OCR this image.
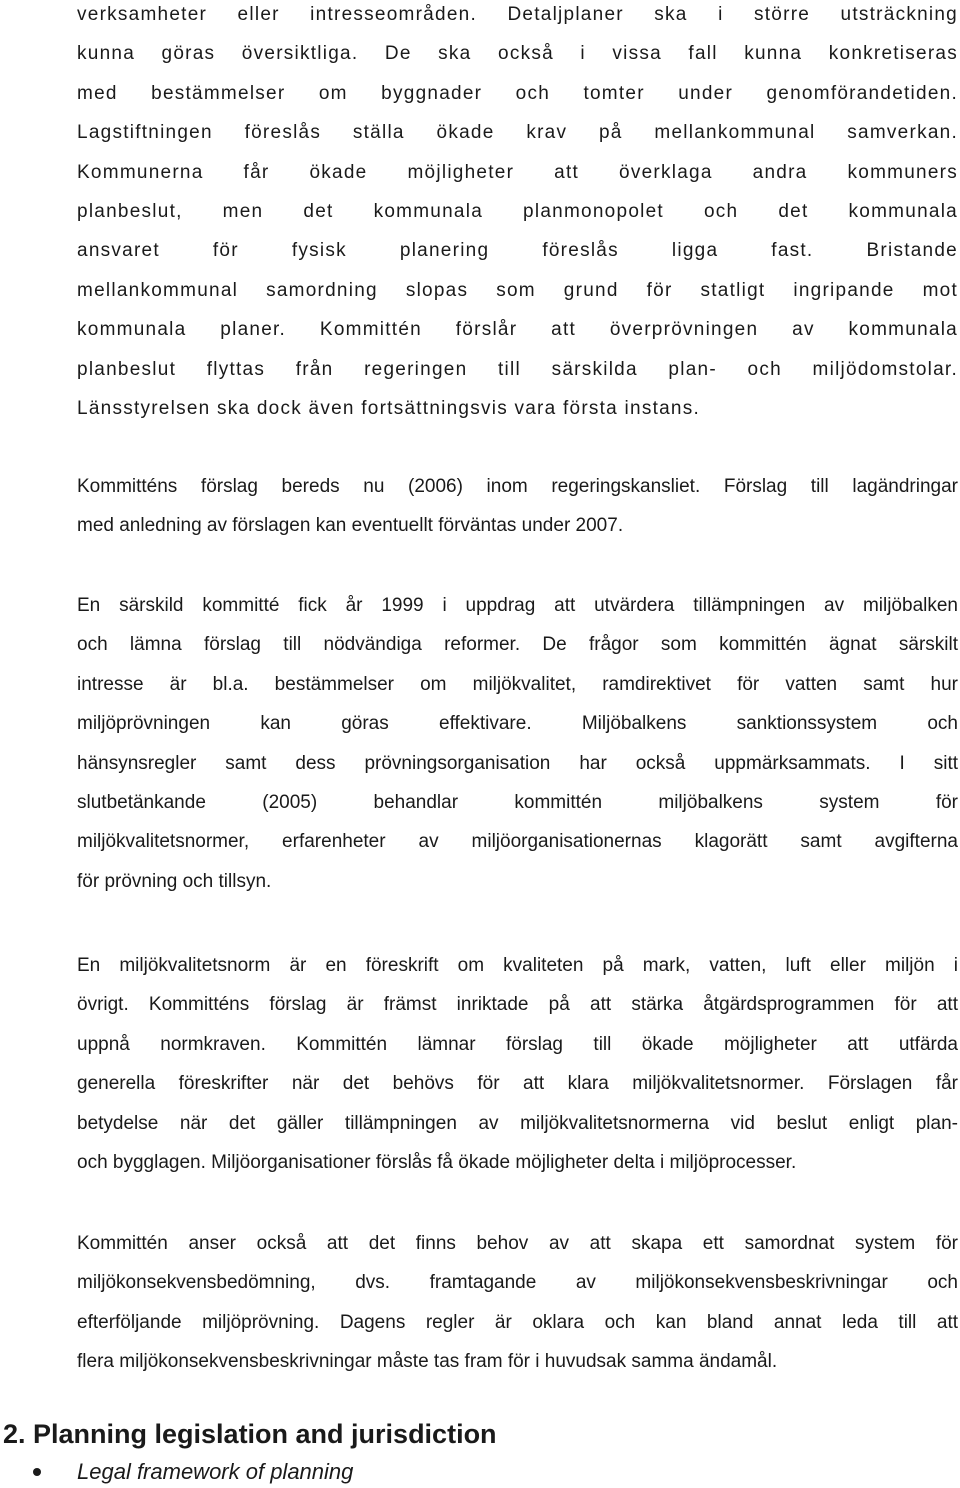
verksamheter eller intresseområden. Detaljplaner ska i större utsträckning

kunna göras översiktliga. De ska också i vissa fall kunna konkretiseras

med bestämmelser om byggnader och tomter under genomförandetiden.

Lagstiftningen föreslås ställa ökade krav på mellankommunal samverkan.

Kommunerna får ökade möjligheter att överklaga andra kommuners

planbeslut, men det kommunala planmonopolet och det kommunala

ansvaret för fysisk planering föreslås ligga fast. Bristande

mellankommunal samordning slopas som grund för statligt ingripande mot

kommunala planer. Kommittén förslår att överprövningen av kommunala

planbeslut flyttas från regeringen till särskilda plan- och miljödomstolar.

Länsstyrelsen ska dock även fortsättningsvis vara första instans.

Kommitténs förslag bereds nu (2006) inom regeringskansliet. Förslag till lagändringar

med anledning av förslagen kan eventuellt förväntas under 2007.

En särskild kommitté fick år 1999 i uppdrag att utvärdera tillämpningen av miljöbalken

och lämna förslag till nödvändiga reformer. De frågor som kommittén ägnat särskilt

intresse är bl.a. bestämmelser om miljökvalitet, ramdirektivet för vatten samt hur

miljöprövningen kan göras effektivare. Miljöbalkens sanktionssystem och

hänsynsregler samt dess prövningsorganisation har också uppmärksammats. I sitt

slutbetänkande (2005) behandlar kommittén miljöbalkens system för

miljökvalitetsnormer, erfarenheter av miljöorganisationernas klagorätt samt avgifterna

för prövning och tillsyn.

En miljökvalitetsnorm är en föreskrift om kvaliteten på mark, vatten, luft eller miljön i

övrigt. Kommitténs förslag är främst inriktade på att stärka åtgärdsprogrammen för att

uppnå normkraven. Kommittén lämnar förslag till ökade möjligheter att utfärda

generella föreskrifter när det behövs för att klara miljökvalitetsnormer. Förslagen får

betydelse när det gäller tillämpningen av miljökvalitetsnormerna vid beslut enligt plan-

och bygglagen. Miljöorganisationer förslås få ökade möjligheter delta i miljöprocesser.

Kommittén anser också att det finns behov av att skapa ett samordnat system för

miljökonsekvensbedömning, dvs. framtagande av miljökonsekvensbeskrivningar och

efterföljande miljöprövning. Dagens regler är oklara och kan bland annat leda till att

flera miljökonsekvensbeskrivningar måste tas fram för i huvudsak samma ändamål.

2. Planning legislation and jurisdiction
Legal framework of planning
